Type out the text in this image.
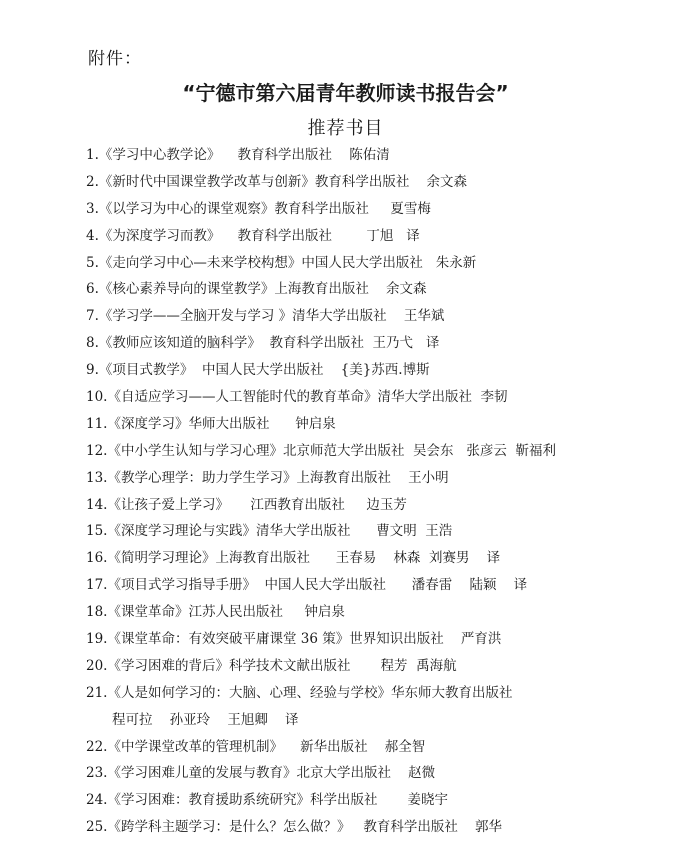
附件：
“宁德市第六届青年教师读书报告会”
推荐书目
1.《学习中心教学论》    教育科学出版社    陈佑清
2.《新时代中国课堂教学改革与创新》教育科学出版社    余文森
3.《以学习为中心的课堂观察》教育科学出版社     夏雪梅
4.《为深度学习而教》    教育科学出版社        丁旭   译
5.《走向学习中心—未来学校构想》中国人民大学出版社   朱永新
6.《核心素养导向的课堂教学》上海教育出版社    余文森
7.《学习学——全脑开发与学习 》清华大学出版社    王华斌
8.《教师应该知道的脑科学》  教育科学出版社  王乃弋   译
9.《项目式教学》  中国人民大学出版社    {美}苏西.博斯
10.《自适应学习——人工智能时代的教育革命》清华大学出版社  李韧
11.《深度学习》华师大出版社      钟启泉
12.《中小学生认知与学习心理》北京师范大学出版社  吴会东   张彦云  靳福利
13.《教学心理学：助力学生学习》上海教育出版社    王小明
14.《让孩子爱上学习》     江西教育出版社     边玉芳
15.《深度学习理论与实践》清华大学出版社      曹文明  王浩
16.《简明学习理论》上海教育出版社      王春易    林森  刘赛男    译
17.《项目式学习指导手册》  中国人民大学出版社      潘春雷    陆颖    译
18.《课堂革命》江苏人民出版社     钟启泉
19.《课堂革命：有效突破平庸课堂 36 策》世界知识出版社    严育洪
20.《学习困难的背后》科学技术文献出版社       程芳  禹海航
21.《人是如何学习的：大脑、心理、经验与学校》华东师大教育出版社
程可拉    孙亚玲    王旭卿    译
22.《中学课堂改革的管理机制》    新华出版社    郝全智
23.《学习困难儿童的发展与教育》北京大学出版社    赵微
24.《学习困难：教育援助系统研究》科学出版社       姜晓宇
25.《跨学科主题学习：是什么？怎么做？》   教育科学出版社    郭华
